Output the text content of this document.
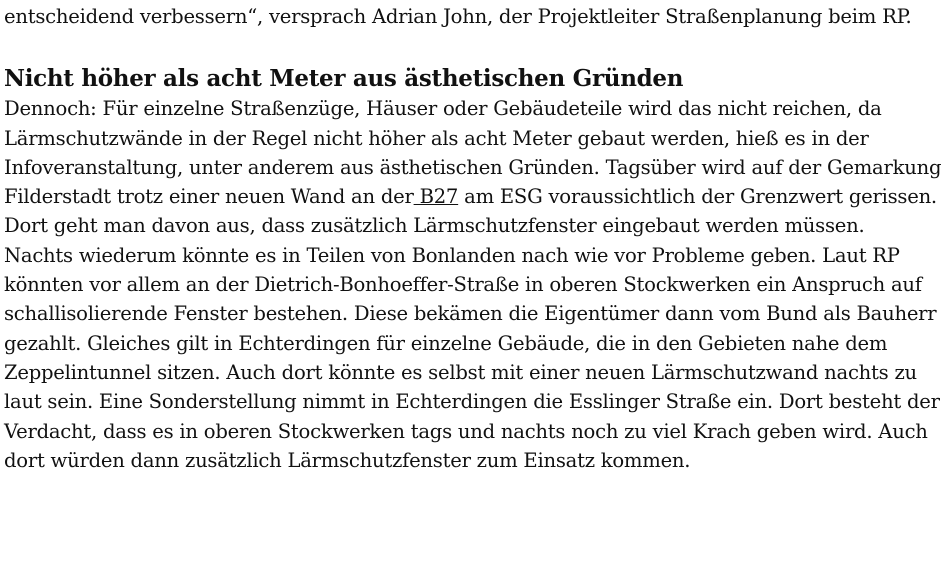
entscheidend verbessern“, versprach Adrian John, der Projektleiter Straßenplanung beim RP.

Nicht höher als acht Meter aus ästhetischen Gründen

Dennoch: Für einzelne Straßenzüge, Häuser oder Gebäudeteile wird das nicht reichen, da Lärmschutzwände in der Regel nicht höher als acht Meter gebaut werden, hieß es in der Infoveranstaltung, unter anderem aus ästhetischen Gründen. Tagsüber wird auf der Gemarkung Filderstadt trotz einer neuen Wand an der B27 am ESG voraussichtlich der Grenzwert gerissen. Dort geht man davon aus, dass zusätzlich Lärmschutzfenster eingebaut werden müssen.

Nachts wiederum könnte es in Teilen von Bonlanden nach wie vor Probleme geben. Laut RP könnten vor allem an der Dietrich-Bonhoeffer-Straße in oberen Stockwerken ein Anspruch auf schallisolierende Fenster bestehen. Diese bekämen die Eigentümer dann vom Bund als Bauherr gezahlt. Gleiches gilt in Echterdingen für einzelne Gebäude, die in den Gebieten nahe dem Zeppelintunnel sitzen. Auch dort könnte es selbst mit einer neuen Lärmschutzwand nachts zu laut sein. Eine Sonderstellung nimmt in Echterdingen die Esslinger Straße ein. Dort besteht der Verdacht, dass es in oberen Stockwerken tags und nachts noch zu viel Krach geben wird. Auch dort würden dann zusätzlich Lärmschutzfenster zum Einsatz kommen.
